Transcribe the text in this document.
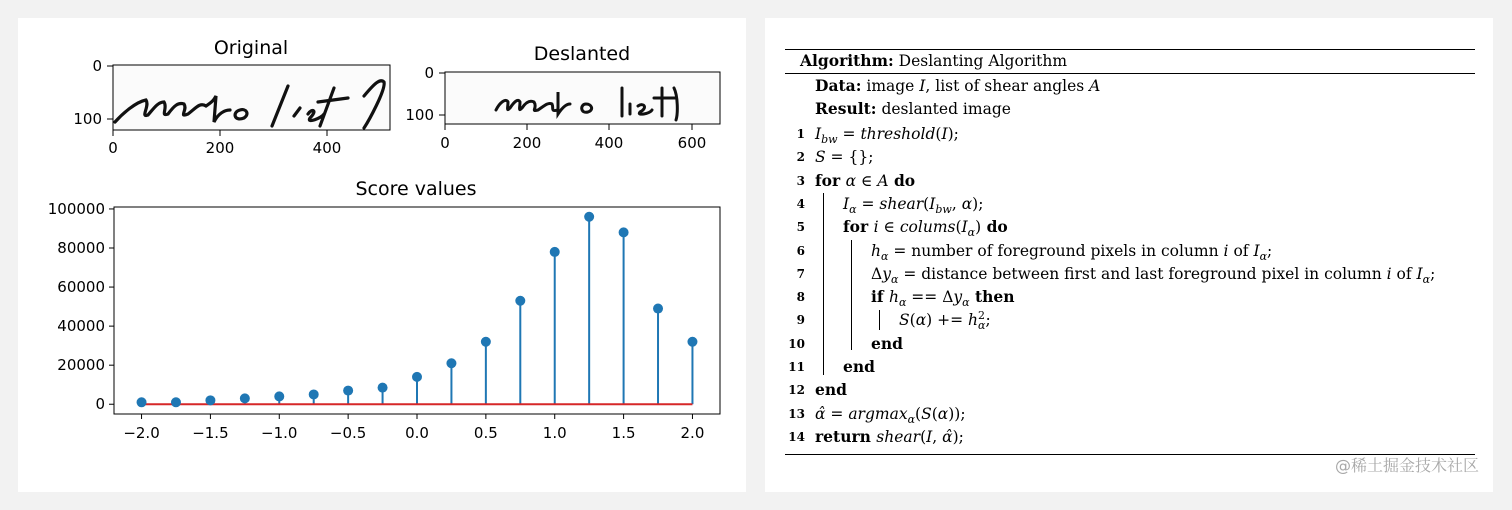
Original
0	200	400
0
100
Deslanted
0	200	400	600
0
100
Score values
0
20000
40000
60000
80000
100000
−2.0 −1.5 −1.0 −0.5	0.0	0.5	1.0	1.5	2.0
Algorithm: Deslanting Algorithm
Data: image I, list of shear angles A
Result: deslanted image
1 $I_{bw}$ = threshold(I);
2 S = {};
3 for α ∈ A do
4 $I_\alpha$ = $shear(I_{bw}$, α);
5 for i ∈ $colums(I_\alpha)$ do
6	$h_\alpha$ = number of foreground pixels in column i of $I_\alpha$;
7	$\Delta y_\alpha$ = distance between first and last foreground pixel in column i of $I_\alpha$;
8	if $h_\alpha == \Delta y_\alpha$ then
9	S(α) += h 2
α ;
10	end
11 end
12 end
13 α̂ = argmax$_\alpha$(S(α));
14 return shear(I, α̂);
@稀土掘金技术社区
